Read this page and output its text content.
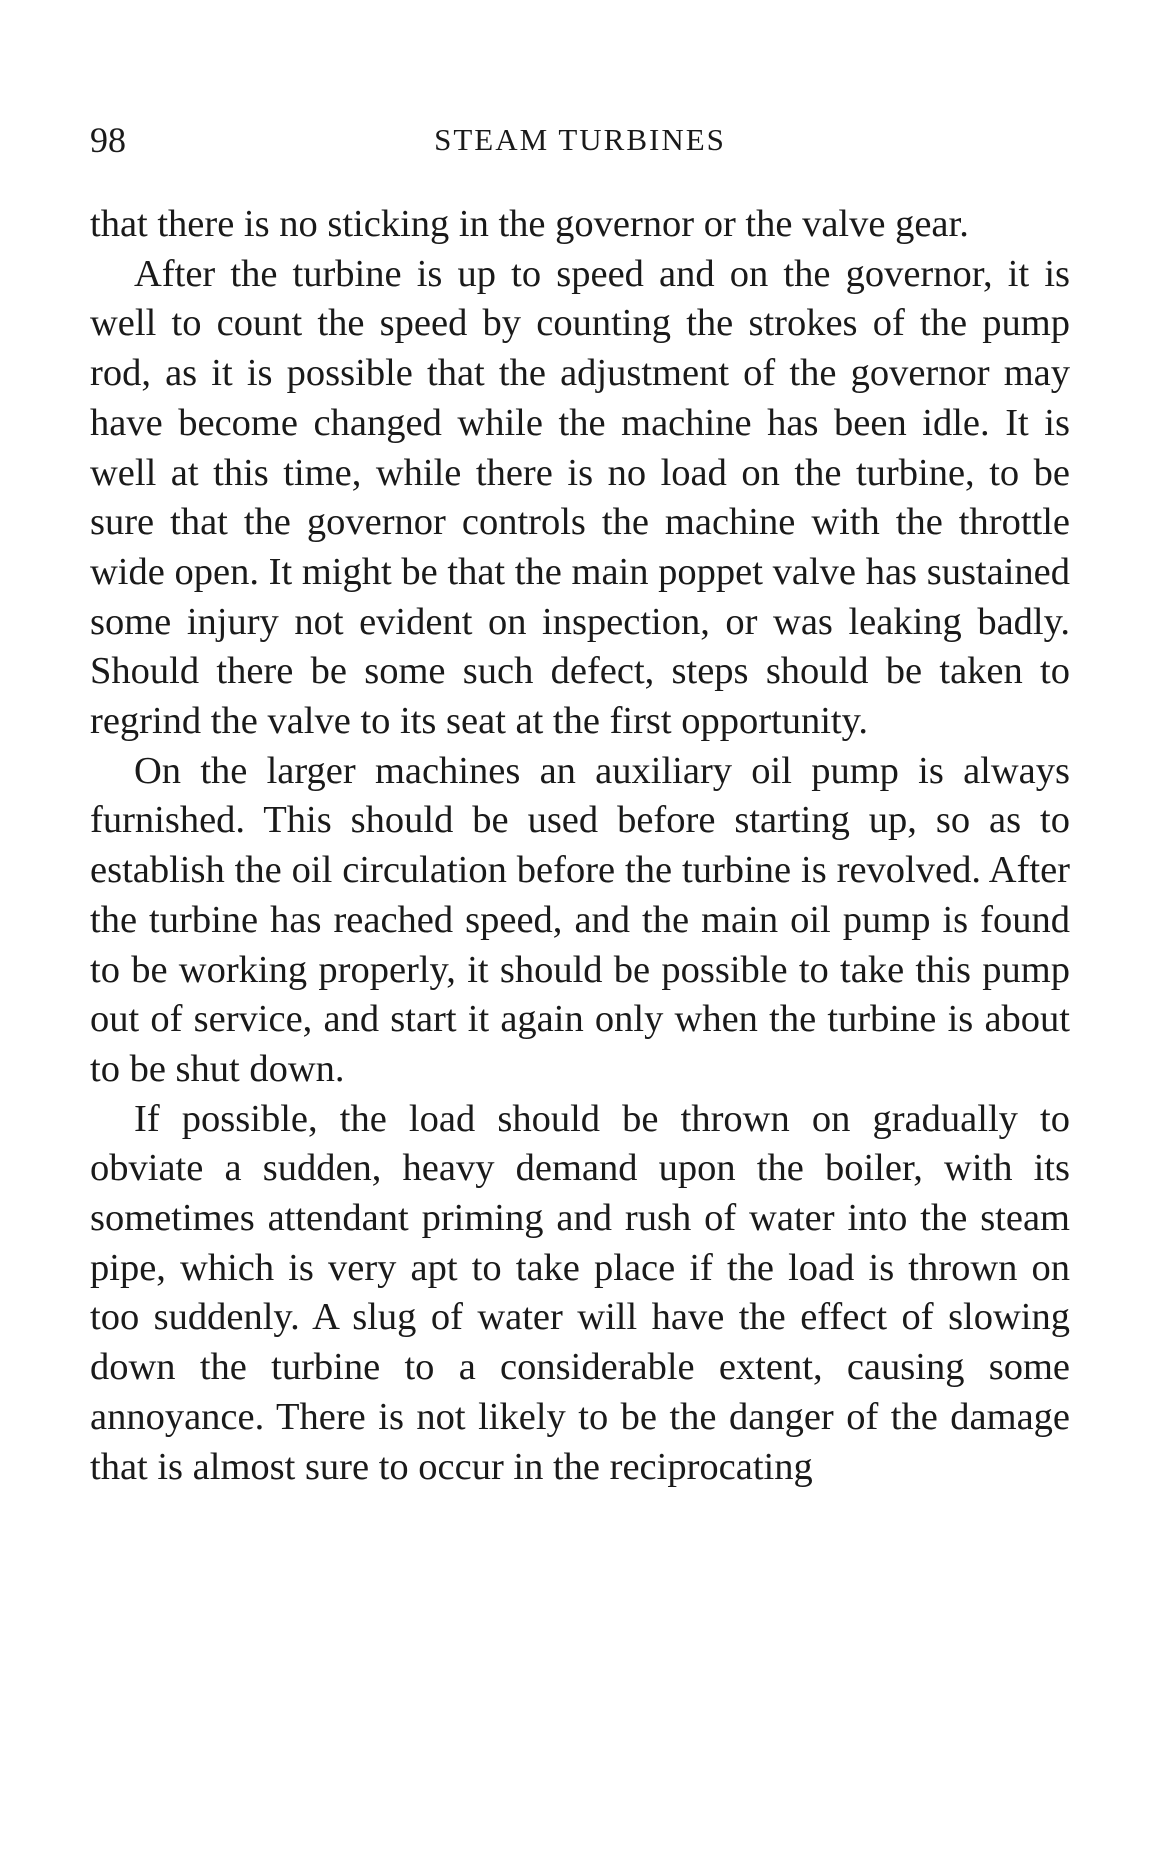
98	STEAM TURBINES

that there is no sticking in the governor or the valve gear.

After the turbine is up to speed and on the governor, it is well to count the speed by counting the strokes of the pump rod, as it is possible that the adjustment of the governor may have become changed while the machine has been idle. It is well at this time, while there is no load on the turbine, to be sure that the governor controls the machine with the throttle wide open. It might be that the main poppet valve has sustained some injury not evident on inspection, or was leaking badly. Should there be some such defect, steps should be taken to regrind the valve to its seat at the first opportunity.

On the larger machines an auxiliary oil pump is always furnished. This should be used before starting up, so as to establish the oil circulation before the turbine is revolved. After the turbine has reached speed, and the main oil pump is found to be working properly, it should be possible to take this pump out of service, and start it again only when the turbine is about to be shut down.

If possible, the load should be thrown on gradually to obviate a sudden, heavy demand upon the boiler, with its sometimes attendant priming and rush of water into the steam pipe, which is very apt to take place if the load is thrown on too suddenly. A slug of water will have the effect of slowing down the turbine to a considerable extent, causing some annoyance. There is not likely to be the danger of the damage that is almost sure to occur in the reciprocating
